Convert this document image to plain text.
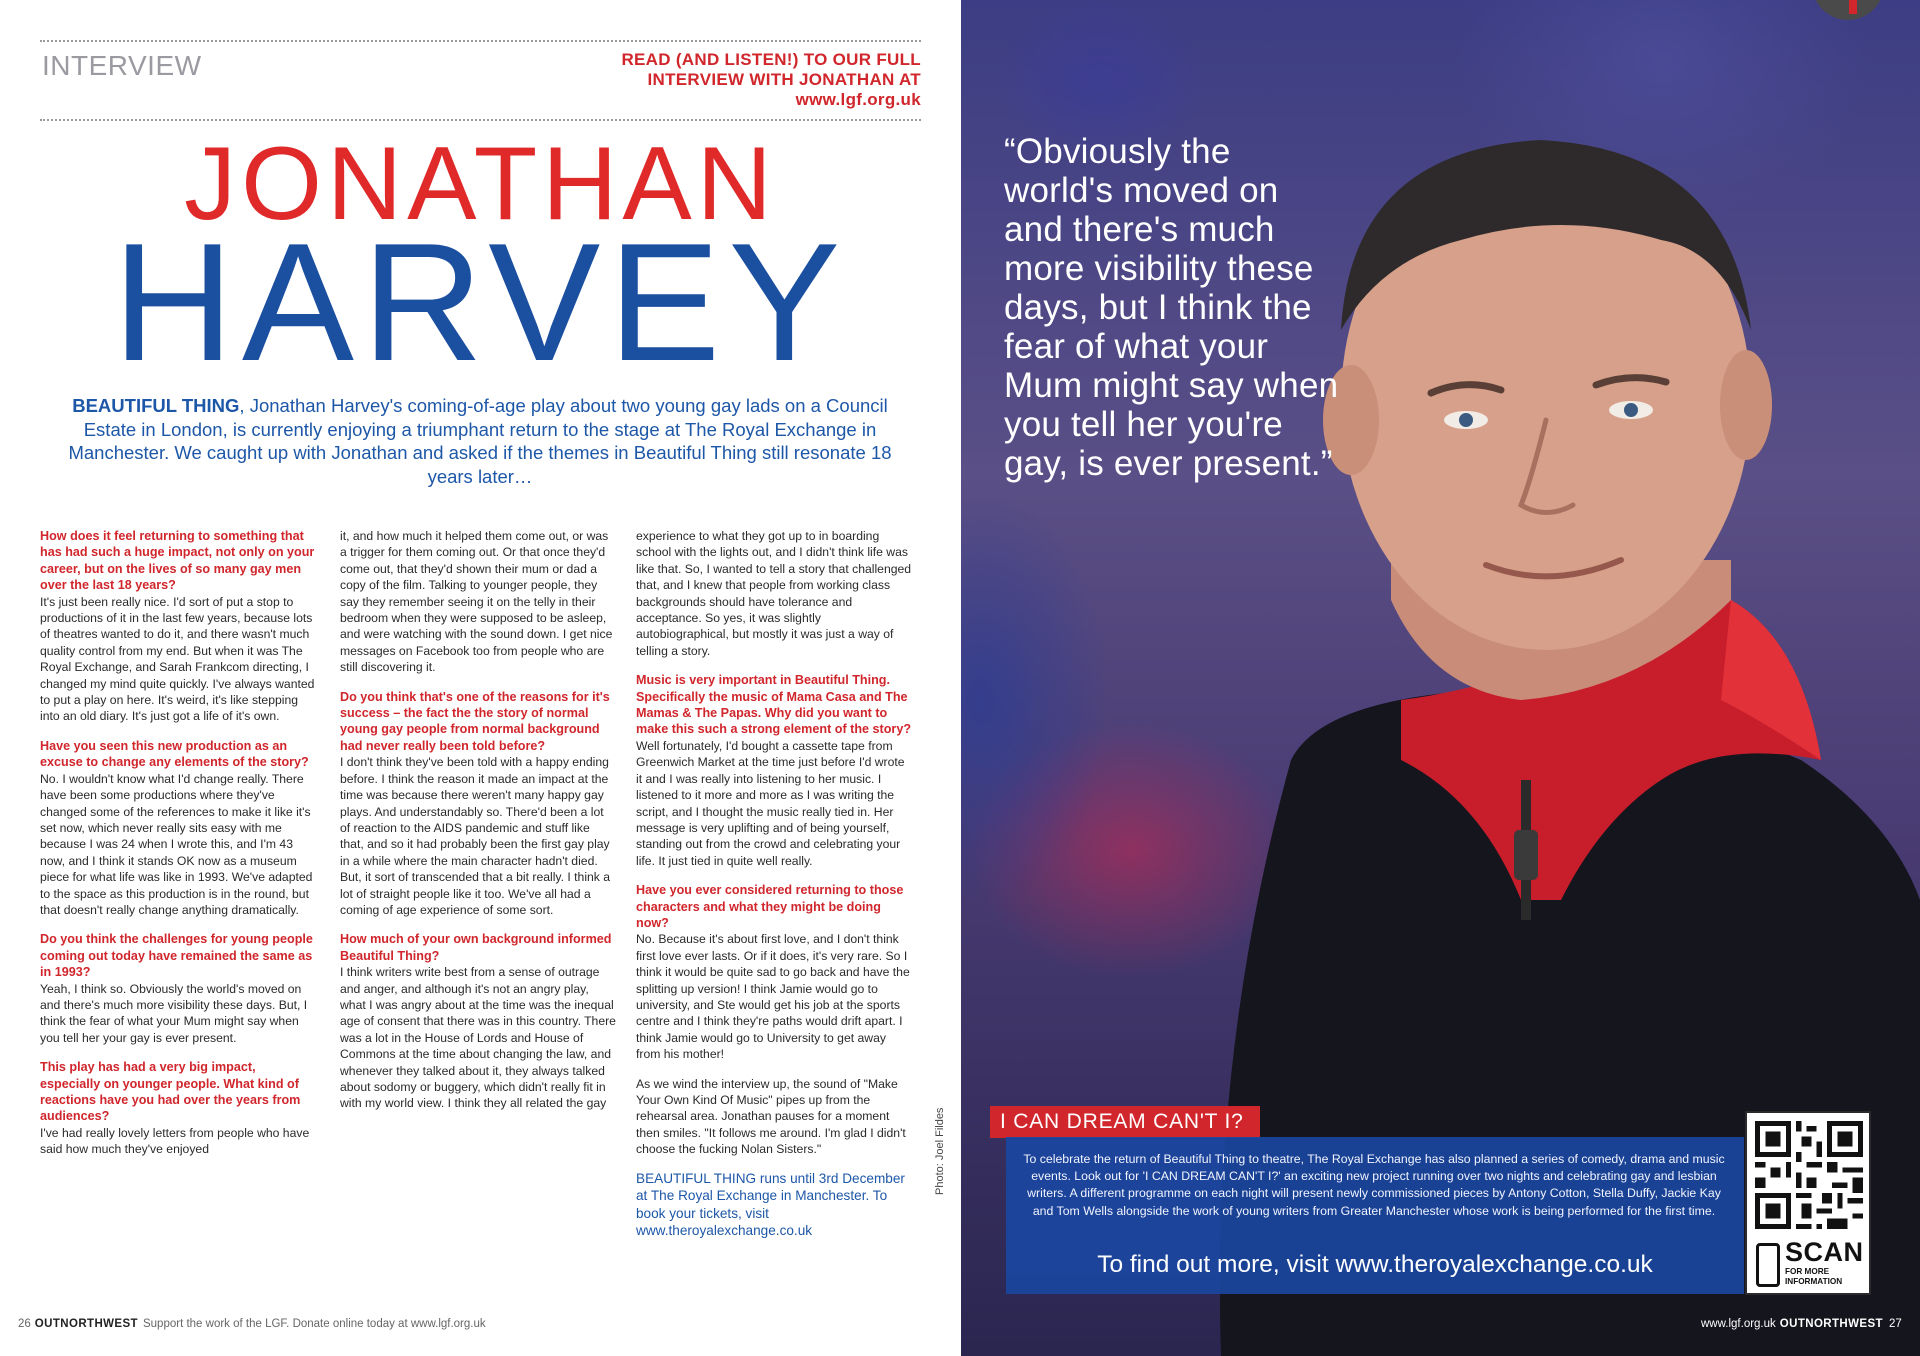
INTERVIEW	READ (AND LISTEN!) TO OUR FULL INTERVIEW WITH JONATHAN AT www.lgf.org.uk
JONATHAN
HARVEY

BEAUTIFUL THING, Jonathan Harvey's coming-of-age play about two young gay lads on a Council Estate in London, is currently enjoying a triumphant return to the stage at The Royal Exchange in Manchester. We caught up with Jonathan and asked if the themes in Beautiful Thing still resonate 18 years later…

How does it feel returning to something that has had such a huge impact, not only on your career, but on the lives of so many gay men over the last 18 years?
It's just been really nice. I'd sort of put a stop to productions of it in the last few years, because lots of theatres wanted to do it, and there wasn't much quality control from my end. But when it was The Royal Exchange, and Sarah Frankcom directing, I changed my mind quite quickly. I've always wanted to put a play on here. It's weird, it's like stepping into an old diary. It's just got a life of it's own.
Have you seen this new production as an excuse to change any elements of the story?
No. I wouldn't know what I'd change really. There have been some productions where they've changed some of the references to make it like it's set now, which never really sits easy with me because I was 24 when I wrote this, and I'm 43 now, and I think it stands OK now as a museum piece for what life was like in 1993. We've adapted to the space as this production is in the round, but that doesn't really change anything dramatically.
Do you think the challenges for young people coming out today have remained the same as in 1993?
Yeah, I think so. Obviously the world's moved on and there's much more visibility these days. But, I think the fear of what your Mum might say when you tell her your gay is ever present.
This play has had a very big impact, especially on younger people. What kind of reactions have you had over the years from audiences?
I've had really lovely letters from people who have said how much they've enjoyed
it, and how much it helped them come out, or was a trigger for them coming out. Or that once they'd come out, that they'd shown their mum or dad a copy of the film. Talking to younger people, they say they remember seeing it on the telly in their bedroom when they were supposed to be asleep, and were watching with the sound down. I get nice messages on Facebook too from people who are still discovering it.
Do you think that's one of the reasons for it's success – the fact the the story of normal young gay people from normal background had never really been told before?
I don't think they've been told with a happy ending before. I think the reason it made an impact at the time was because there weren't many happy gay plays. And understandably so. There'd been a lot of reaction to the AIDS pandemic and stuff like that, and so it had probably been the first gay play in a while where the main character hadn't died. But, it sort of transcended that a bit really. I think a lot of straight people like it too. We've all had a coming of age experience of some sort.
How much of your own background informed Beautiful Thing?
I think writers write best from a sense of outrage and anger, and although it's not an angry play, what I was angry about at the time was the inequal age of consent that there was in this country. There was a lot in the House of Lords and House of Commons at the time about changing the law, and whenever they talked about it, they always talked about sodomy or buggery, which didn't really fit in with my world view. I think they all related the gay
experience to what they got up to in boarding school with the lights out, and I didn't think life was like that. So, I wanted to tell a story that challenged that, and I knew that people from working class backgrounds should have tolerance and acceptance. So yes, it was slightly autobiographical, but mostly it was just a way of telling a story.
Music is very important in Beautiful Thing. Specifically the music of Mama Casa and The Mamas & The Papas. Why did you want to make this such a strong element of the story?
Well fortunately, I'd bought a cassette tape from Greenwich Market at the time just before I'd wrote it and I was really into listening to her music. I listened to it more and more as I was writing the script, and I thought the music really tied in. Her message is very uplifting and of being yourself, standing out from the crowd and celebrating your life. It just tied in quite well really.
Have you ever considered returning to those characters and what they might be doing now?
No. Because it's about first love, and I don't think first love ever lasts. Or if it does, it's very rare. So I think it would be quite sad to go back and have the splitting up version! I think Jamie would go to university, and Ste would get his job at the sports centre and I think they're paths would drift apart. I think Jamie would go to University to get away from his mother!
As we wind the interview up, the sound of "Make Your Own Kind Of Music" pipes up from the rehearsal area. Jonathan pauses for a moment then smiles. "It follows me around. I'm glad I didn't choose the fucking Nolan Sisters."
BEAUTIFUL THING runs until 3rd December at The Royal Exchange in Manchester. To book your tickets, visit www.theroyalexchange.co.uk
Photo: Joel Fildes
26 OUTNORTHWEST Support the work of the LGF. Donate online today at www.lgf.org.uk
“Obviously the world's moved on and there's much more visibility these days, but I think the fear of what your Mum might say when you tell her you're gay, is ever present.”
I CAN DREAM CAN'T I?
To celebrate the return of Beautiful Thing to theatre, The Royal Exchange has also planned a series of comedy, drama and music events. Look out for 'I CAN DREAM CAN'T I?' an exciting new project running over two nights and celebrating gay and lesbian writers. A different programme on each night will present newly commissioned pieces by Antony Cotton, Stella Duffy, Jackie Kay and Tom Wells alongside the work of young writers from Greater Manchester whose work is being performed for the first time.
To find out more, visit www.theroyalexchange.co.uk	SCAN
FOR MORE INFORMATION
www.lgf.org.uk OUTNORTHWEST 27
